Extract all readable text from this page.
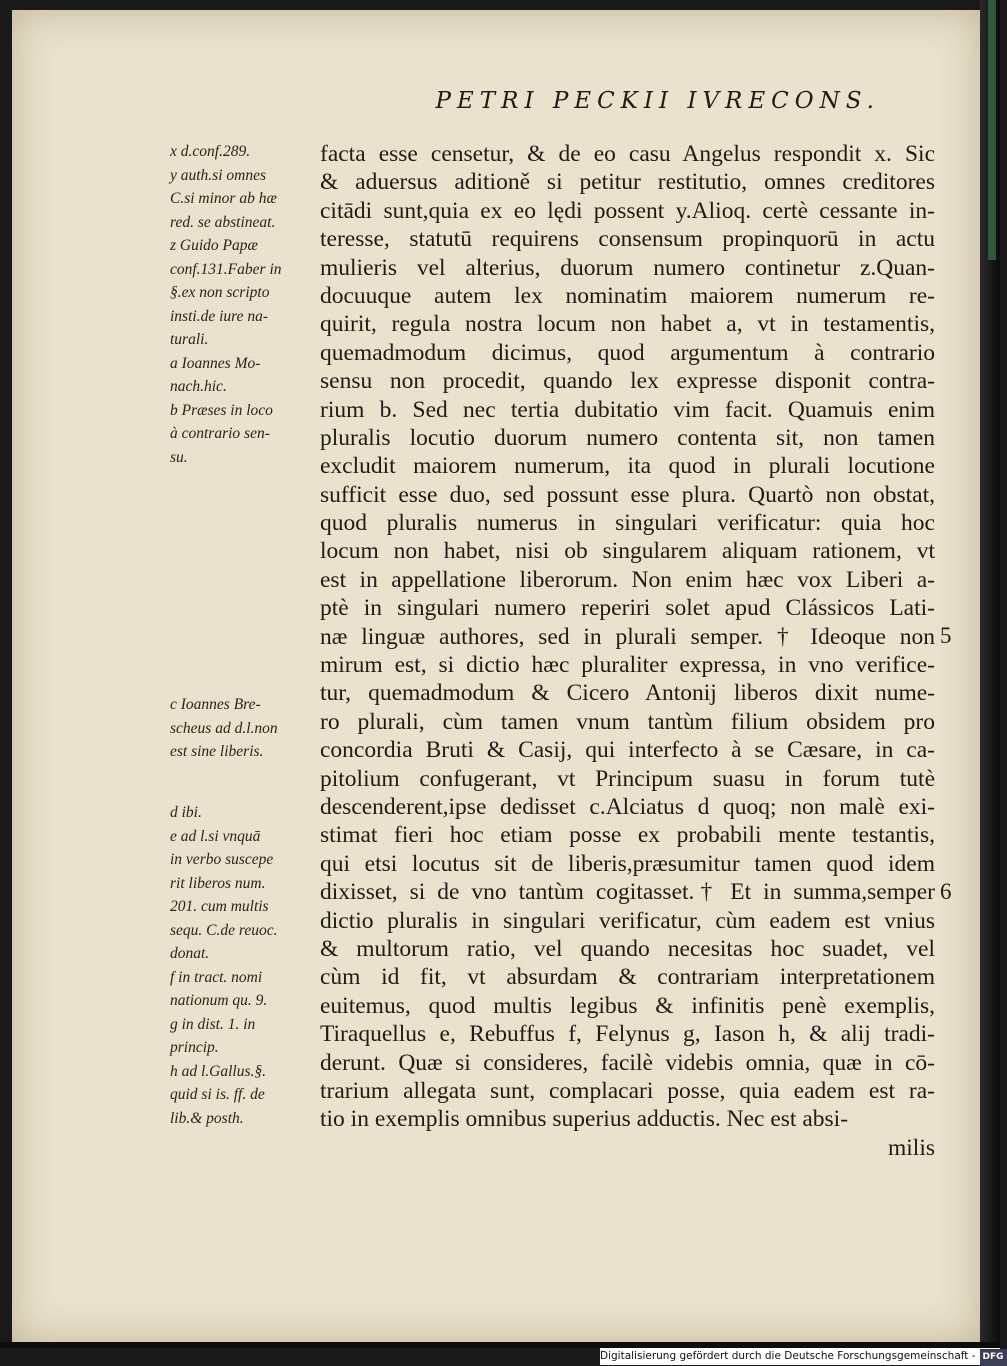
PETRI PECKII IVRECONS.
facta esse censetur, & de eo casu Angelus respondit x. Sic
& aduersus aditioně si petitur restitutio, omnes creditores
citādi sunt,quia ex eo lędi possent y.Alioq. certè cessante in-
teresse, statutū requirens consensum propinquorū in actu
mulieris vel alterius, duorum numero continetur z.Quan-
docuuque autem lex nominatim maiorem numerum re-
quirit, regula nostra locum non habet a, vt in testamentis,
quemadmodum dicimus, quod argumentum à contrario
sensu non procedit, quando lex expresse disponit contra-
rium b. Sed nec tertia dubitatio vim facit. Quamuis enim
pluralis locutio duorum numero contenta sit, non tamen
excludit maiorem numerum, ita quod in plurali locutione
sufficit esse duo, sed possunt esse plura. Quartò non obstat,
quod pluralis numerus in singulari verificatur: quia hoc
locum non habet, nisi ob singularem aliquam rationem, vt
est in appellatione liberorum. Non enim hæc vox Liberi a-
ptè in singulari numero reperiri solet apud Clássicos Lati-
næ linguæ authores, sed in plurali semper. † Ideoque non
mirum est, si dictio hæc pluraliter expressa, in vno verifice-
tur, quemadmodum & Cicero Antonij liberos dixit nume-
ro plurali, cùm tamen vnum tantùm filium obsidem pro
concordia Bruti & Casij, qui interfecto à se Cæsare, in ca-
pitolium confugerant, vt Principum suasu in forum tutè
descenderent,ipse dedisset c.Alciatus d quoq; non malè exi-
stimat fieri hoc etiam posse ex probabili mente testantis,
qui etsi locutus sit de liberis,præsumitur tamen quod idem
dixisset, si de vno tantùm cogitasset.† Et in summa,semper
dictio pluralis in singulari verificatur, cùm eadem est vnius
& multorum ratio, vel quando necesitas hoc suadet, vel
cùm id fit, vt absurdam & contrariam interpretationem
euitemus, quod multis legibus & infinitis penè exemplis,
Tiraquellus e, Rebuffus f, Felynus g, Iason h, & alij tradi-
derunt. Quæ si consideres, facilè videbis omnia, quæ in cō-
trarium allegata sunt, complacari posse, quia eadem est ra-
tio in exemplis omnibus superius adductis. Nec est absi-
milis
x d.conf.289.
y auth.si omnes
C.si minor ab hæ
red. se abstineat.
z Guido Papæ
conf.131.Faber in
§.ex non scripto
insti.de iure na-
turali.
a Ioannes Mo-
nach.hic.
b Præses in loco
à contrario sen-
su.
c Ioannes Bre-
scheus ad d.l.non
est sine liberis.
d ibi.
e ad l.si vnquā
in verbo suscepe
rit liberos num.
201. cum multis
sequ. C.de reuoc.
donat.
f in tract. nomi
nationum qu. 9.
g in dist. 1. in
princip.
h ad l.Gallus.§.
quid si is. ff. de
lib.& posth.
5
6
Digitalisierung gefördert durch die Deutsche Forschungsgemeinschaft - DFG
